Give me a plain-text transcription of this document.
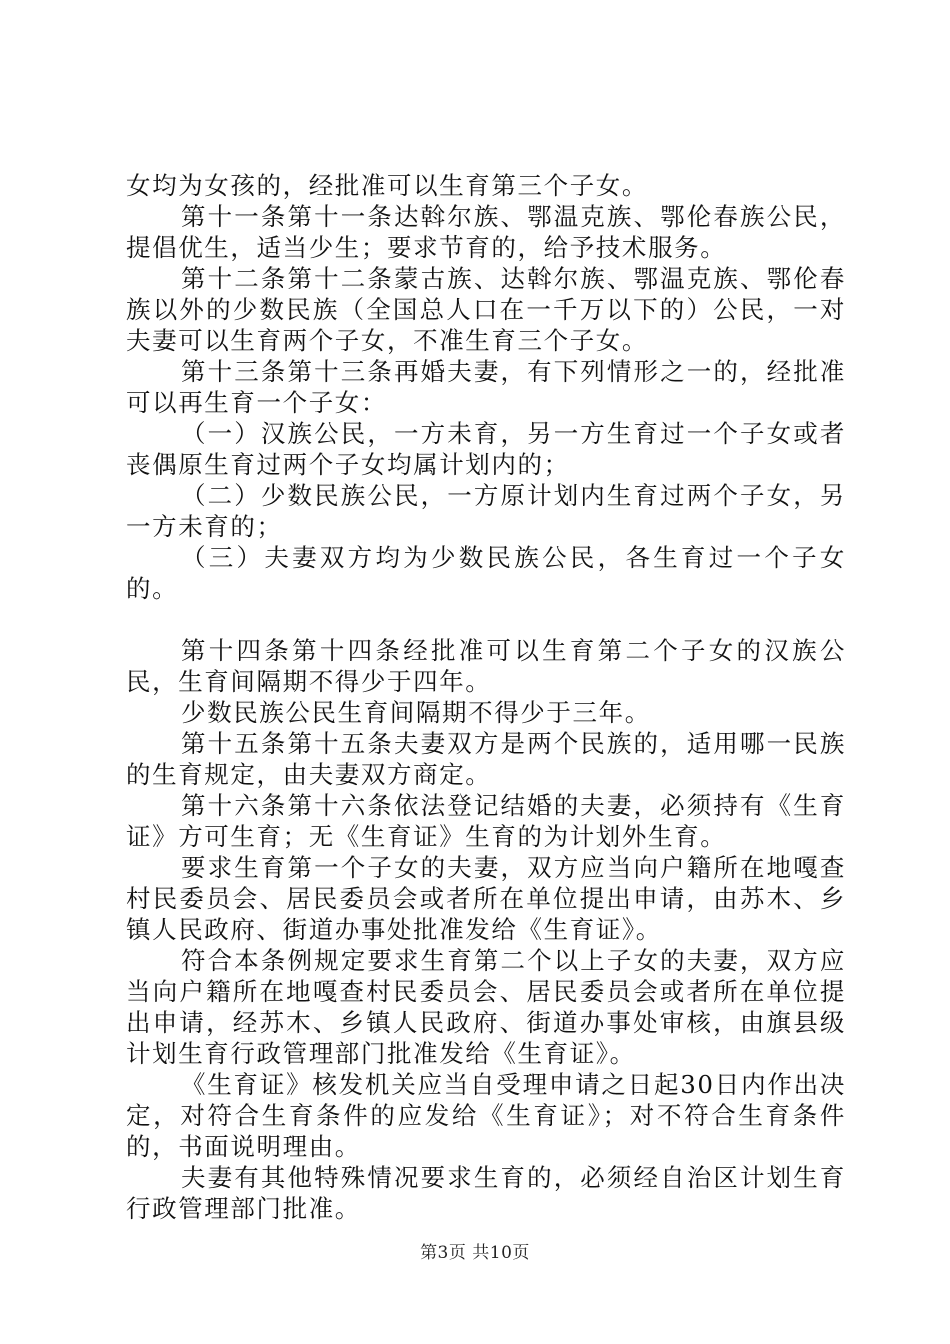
女均为女孩的，经批准可以生育第三个子女。

第十一条第十一条达斡尔族、鄂温克族、鄂伦春族公民，提倡优生，适当少生；要求节育的，给予技术服务。

第十二条第十二条蒙古族、达斡尔族、鄂温克族、鄂伦春族以外的少数民族（全国总人口在一千万以下的）公民，一对夫妻可以生育两个子女，不准生育三个子女。

第十三条第十三条再婚夫妻，有下列情形之一的，经批准可以再生育一个子女：

（一）汉族公民，一方未育，另一方生育过一个子女或者丧偶原生育过两个子女均属计划内的；

（二）少数民族公民，一方原计划内生育过两个子女，另一方未育的；

（三）夫妻双方均为少数民族公民，各生育过一个子女的。

第十四条第十四条经批准可以生育第二个子女的汉族公民，生育间隔期不得少于四年。

少数民族公民生育间隔期不得少于三年。

第十五条第十五条夫妻双方是两个民族的，适用哪一民族的生育规定，由夫妻双方商定。

第十六条第十六条依法登记结婚的夫妻，必须持有《生育证》方可生育；无《生育证》生育的为计划外生育。

要求生育第一个子女的夫妻，双方应当向户籍所在地嘎查村民委员会、居民委员会或者所在单位提出申请，由苏木、乡镇人民政府、街道办事处批准发给《生育证》。

符合本条例规定要求生育第二个以上子女的夫妻，双方应当向户籍所在地嘎查村民委员会、居民委员会或者所在单位提出申请，经苏木、乡镇人民政府、街道办事处审核，由旗县级计划生育行政管理部门批准发给《生育证》。

《生育证》核发机关应当自受理申请之日起30日内作出决定，对符合生育条件的应发给《生育证》；对不符合生育条件的，书面说明理由。

夫妻有其他特殊情况要求生育的，必须经自治区计划生育行政管理部门批准。

第3页 共10页
